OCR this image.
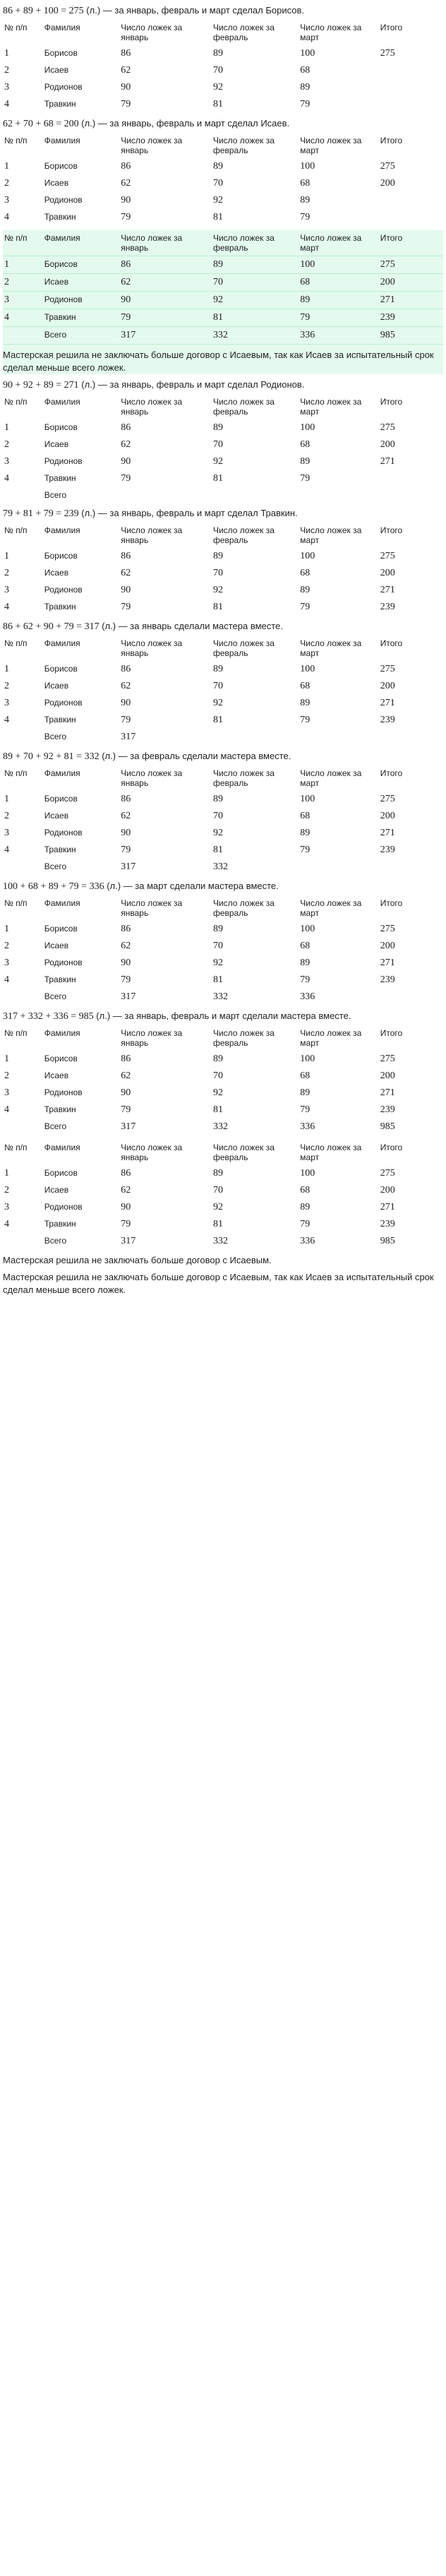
86 + 89 + 100 = 275 (л.) — за январь, февраль и март сделал Борисов.
№ п/п	Фамилия	Число ложек за январь	Число ложек за февраль	Число ложек за март	Итого
1	Борисов	86	89	100	275
2	Исаев	62	70	68	
3	Родионов	90	92	89	
4	Травкин	79	81	79	
62 + 70 + 68 = 200 (л.) — за январь, февраль и март сделал Исаев.
№ п/п	Фамилия	Число ложек за январь	Число ложек за февраль	Число ложек за март	Итого
1	Борисов	86	89	100	275
2	Исаев	62	70	68	200
3	Родионов	90	92	89	
4	Травкин	79	81	79	
№ п/п	Фамилия	Число ложек за январь	Число ложек за февраль	Число ложек за март	Итого
1	Борисов	86	89	100	275
2	Исаев	62	70	68	200
3	Родионов	90	92	89	271
4	Травкин	79	81	79	239
	Всего	317	332	336	985
Мастерская решила не заключать больше договор с Исаевым, так как Исаев за испытательный срок сделал меньше всего ложек.
90 + 92 + 89 = 271 (л.) — за январь, февраль и март сделал Родионов.
№ п/п	Фамилия	Число ложек за январь	Число ложек за февраль	Число ложек за март	Итого
1	Борисов	86	89	100	275
2	Исаев	62	70	68	200
3	Родионов	90	92	89	271
4	Травкин	79	81	79	
	Всего				
79 + 81 + 79 = 239 (л.) — за январь, февраль и март сделал Травкин.
№ п/п	Фамилия	Число ложек за январь	Число ложек за февраль	Число ложек за март	Итого
1	Борисов	86	89	100	275
2	Исаев	62	70	68	200
3	Родионов	90	92	89	271
4	Травкин	79	81	79	239
86 + 62 + 90 + 79 = 317 (л.) — за январь сделали мастера вместе.
№ п/п	Фамилия	Число ложек за январь	Число ложек за февраль	Число ложек за март	Итого
1	Борисов	86	89	100	275
2	Исаев	62	70	68	200
3	Родионов	90	92	89	271
4	Травкин	79	81	79	239
	Всего	317			
89 + 70 + 92 + 81 = 332 (л.) — за февраль сделали мастера вместе.
№ п/п	Фамилия	Число ложек за январь	Число ложек за февраль	Число ложек за март	Итого
1	Борисов	86	89	100	275
2	Исаев	62	70	68	200
3	Родионов	90	92	89	271
4	Травкин	79	81	79	239
	Всего	317	332		
100 + 68 + 89 + 79 = 336 (л.) — за март сделали мастера вместе.
№ п/п	Фамилия	Число ложек за январь	Число ложек за февраль	Число ложек за март	Итого
1	Борисов	86	89	100	275
2	Исаев	62	70	68	200
3	Родионов	90	92	89	271
4	Травкин	79	81	79	239
	Всего	317	332	336	
317 + 332 + 336 = 985 (л.) — за январь, февраль и март сделали мастера вместе.
№ п/п	Фамилия	Число ложек за январь	Число ложек за февраль	Число ложек за март	Итого
1	Борисов	86	89	100	275
2	Исаев	62	70	68	200
3	Родионов	90	92	89	271
4	Травкин	79	81	79	239
	Всего	317	332	336	985
№ п/п	Фамилия	Число ложек за январь	Число ложек за февраль	Число ложек за март	Итого
1	Борисов	86	89	100	275
2	Исаев	62	70	68	200
3	Родионов	90	92	89	271
4	Травкин	79	81	79	239
	Всего	317	332	336	985
Мастерская решила не заключать больше договор с Исаевым.
Мастерская решила не заключать больше договор с Исаевым, так как Исаев за испытательный срок сделал меньше всего ложек.
